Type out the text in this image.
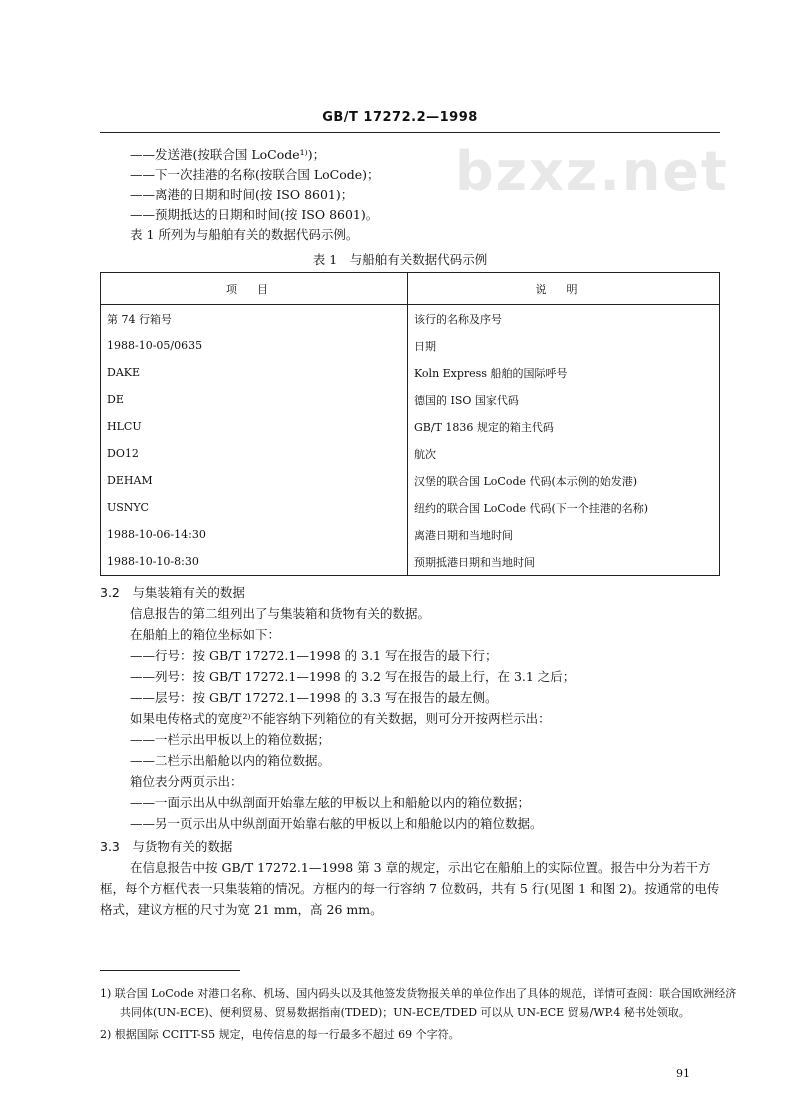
GB/T 17272.2—1998
bzxz.net
——发送港(按联合国 LoCode¹⁾)；
——下一次挂港的名称(按联合国 LoCode)；
——离港的日期和时间(按 ISO 8601)；
——预期抵达的日期和时间(按 ISO 8601)。
表 1 所列为与船舶有关的数据代码示例。
表 1　与船舶有关数据代码示例
项目	说明
第 74 行箱号	该行的名称及序号
1988-10-05/0635	日期
DAKE	Koln Express 船舶的国际呼号
DE	德国的 ISO 国家代码
HLCU	GB/T 1836 规定的箱主代码
DO12	航次
DEHAM	汉堡的联合国 LoCode 代码(本示例的始发港)
USNYC	纽约的联合国 LoCode 代码(下一个挂港的名称)
1988-10-06-14:30	离港日期和当地时间
1988-10-10-8:30	预期抵港日期和当地时间
3.2　与集装箱有关的数据
信息报告的第二组列出了与集装箱和货物有关的数据。
在船舶上的箱位坐标如下：
——行号：按 GB/T 17272.1—1998 的 3.1 写在报告的最下行；
——列号：按 GB/T 17272.1—1998 的 3.2 写在报告的最上行，在 3.1 之后；
——层号：按 GB/T 17272.1—1998 的 3.3 写在报告的最左侧。
如果电传格式的宽度²⁾不能容纳下列箱位的有关数据，则可分开按两栏示出：
——一栏示出甲板以上的箱位数据；
——二栏示出船舱以内的箱位数据。
箱位表分两页示出：
——一面示出从中纵剖面开始靠左舷的甲板以上和船舱以内的箱位数据；
——另一页示出从中纵剖面开始靠右舷的甲板以上和船舱以内的箱位数据。
3.3　与货物有关的数据
在信息报告中按 GB/T 17272.1—1998 第 3 章的规定，示出它在船舶上的实际位置。报告中分为若干方框，每个方框代表一只集装箱的情况。方框内的每一行容纳 7 位数码，共有 5 行(见图 1 和图 2)。按通常的电传格式，建议方框的尺寸为宽 21 mm，高 26 mm。
1) 联合国 LoCode 对港口名称、机场、国内码头以及其他签发货物报关单的单位作出了具体的规范，详情可查阅：联合国欧洲经济共同体(UN-ECE)、便利贸易、贸易数据指南(TDED)；UN-ECE/TDED 可以从 UN-ECE 贸易/WP.4 秘书处领取。
2) 根据国际 CCITT-S5 规定，电传信息的每一行最多不超过 69 个字符。
91
